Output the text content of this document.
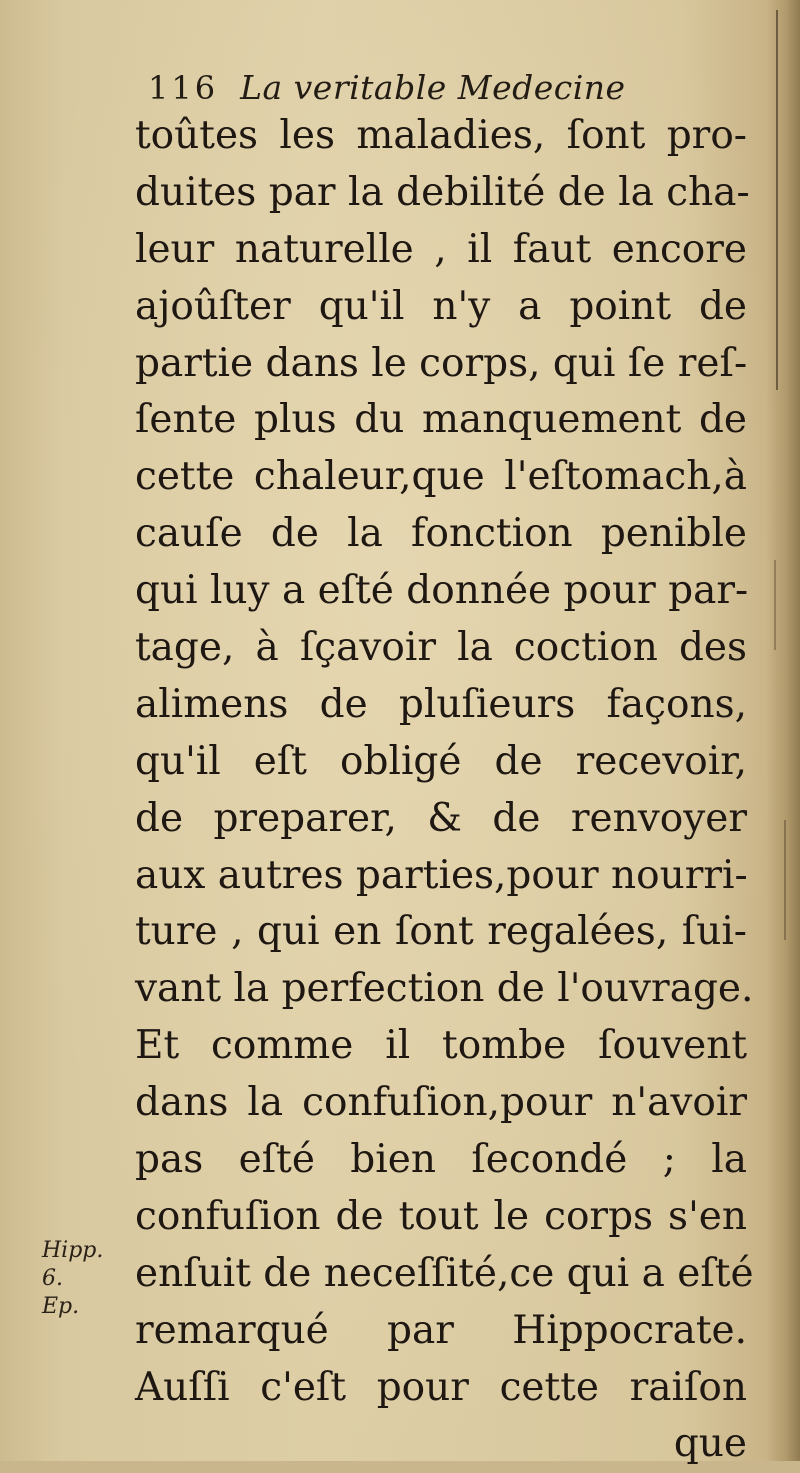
116 La veritable Medecine
toûtes les maladies, ſont pro-
duites par la debilité de la cha-
leur naturelle , il faut encore
ajoûſter qu'il n'y a point de
partie dans le corps, qui ſe reſ-
ſente plus du manquement de
cette chaleur,que l'eſtomach,à
cauſe de la fonction penible
qui luy a eſté donnée pour par-
tage, à ſçavoir la coction des
alimens de pluſieurs façons,
qu'il eſt obligé de recevoir,
de preparer, & de renvoyer
aux autres parties,pour nourri-
ture , qui en ſont regalées, ſui-
vant la perfection de l'ouvrage.
Et comme il tombe ſouvent
dans la confuſion,pour n'avoir
pas eſté bien ſecondé ; la
confuſion de tout le corps s'en
enſuit de neceſſité,ce qui a eſté
remarqué par Hippocrate.
Auſſi c'eſt pour cette raiſon
que
Hipp.
6.
Ep.
